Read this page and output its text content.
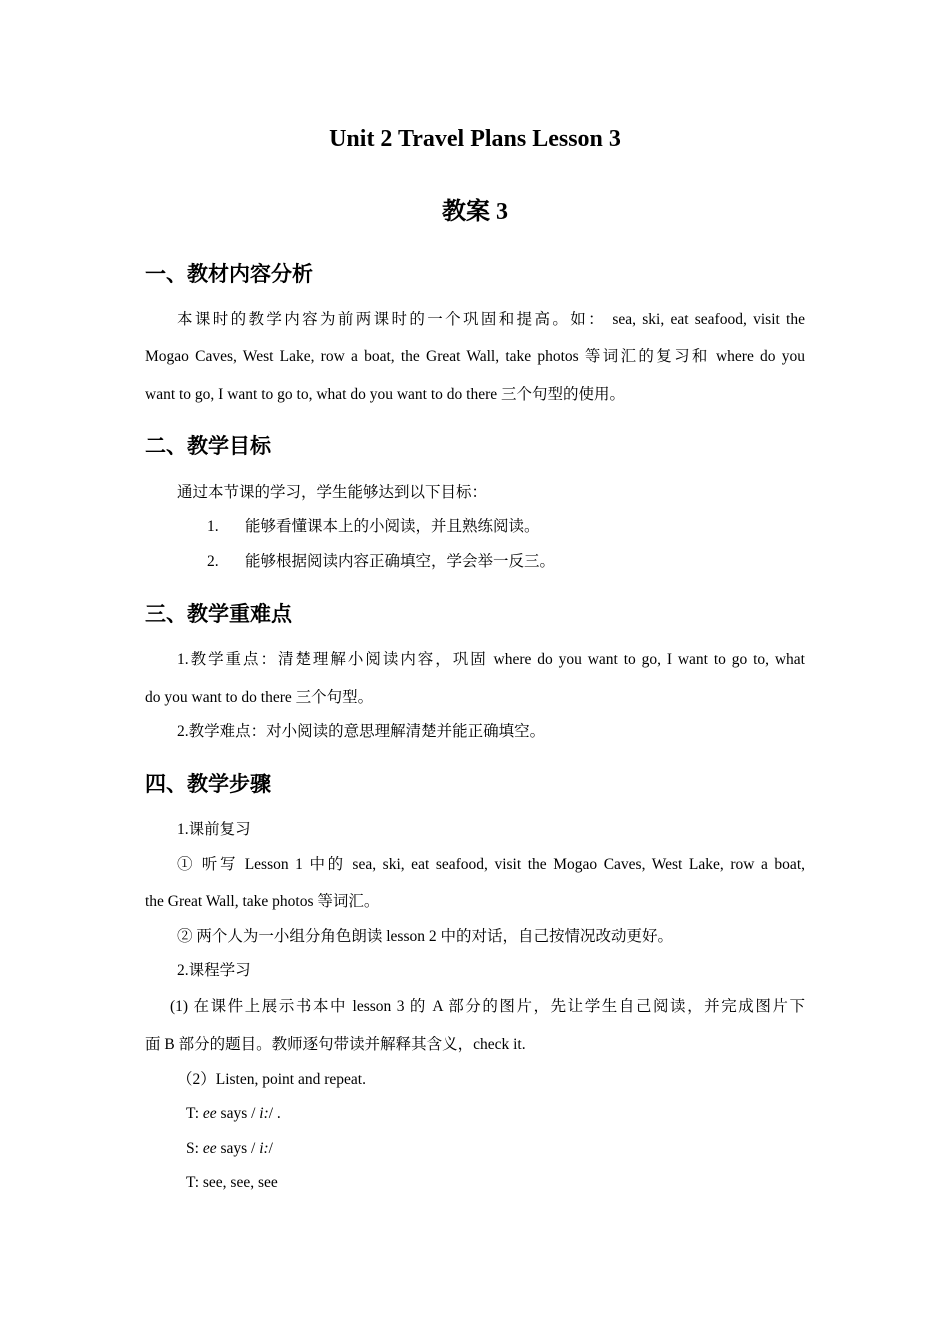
Unit 2 Travel Plans Lesson 3
教案 3
一、教材内容分析
本课时的教学内容为前两课时的一个巩固和提高。如： sea, ski, eat seafood, visit the
Mogao Caves, West Lake, row a boat, the Great Wall, take photos 等词汇的复习和 where do you
want to go, I want to go to, what do you want to do there 三个句型的使用。
二、教学目标
通过本节课的学习，学生能够达到以下目标：
1. 能够看懂课本上的小阅读，并且熟练阅读。
2. 能够根据阅读内容正确填空，学会举一反三。
三、教学重难点
1.教学重点：清楚理解小阅读内容，巩固 where do you want to go, I want to go to, what
do you want to do there 三个句型。
2.教学难点：对小阅读的意思理解清楚并能正确填空。
四、教学步骤
1.课前复习
① 听写 Lesson 1 中的 sea, ski, eat seafood, visit the Mogao Caves, West Lake, row a boat,
the Great Wall, take photos 等词汇。
② 两个人为一小组分角色朗读 lesson 2 中的对话，自己按情况改动更好。
2.课程学习
(1) 在课件上展示书本中 lesson 3 的 A 部分的图片，先让学生自己阅读，并完成图片下
面 B 部分的题目。教师逐句带读并解释其含义，check it.
（2）Listen, point and repeat.
T: ee says / i:/ .
S: ee says / i:/
T: see, see, see
